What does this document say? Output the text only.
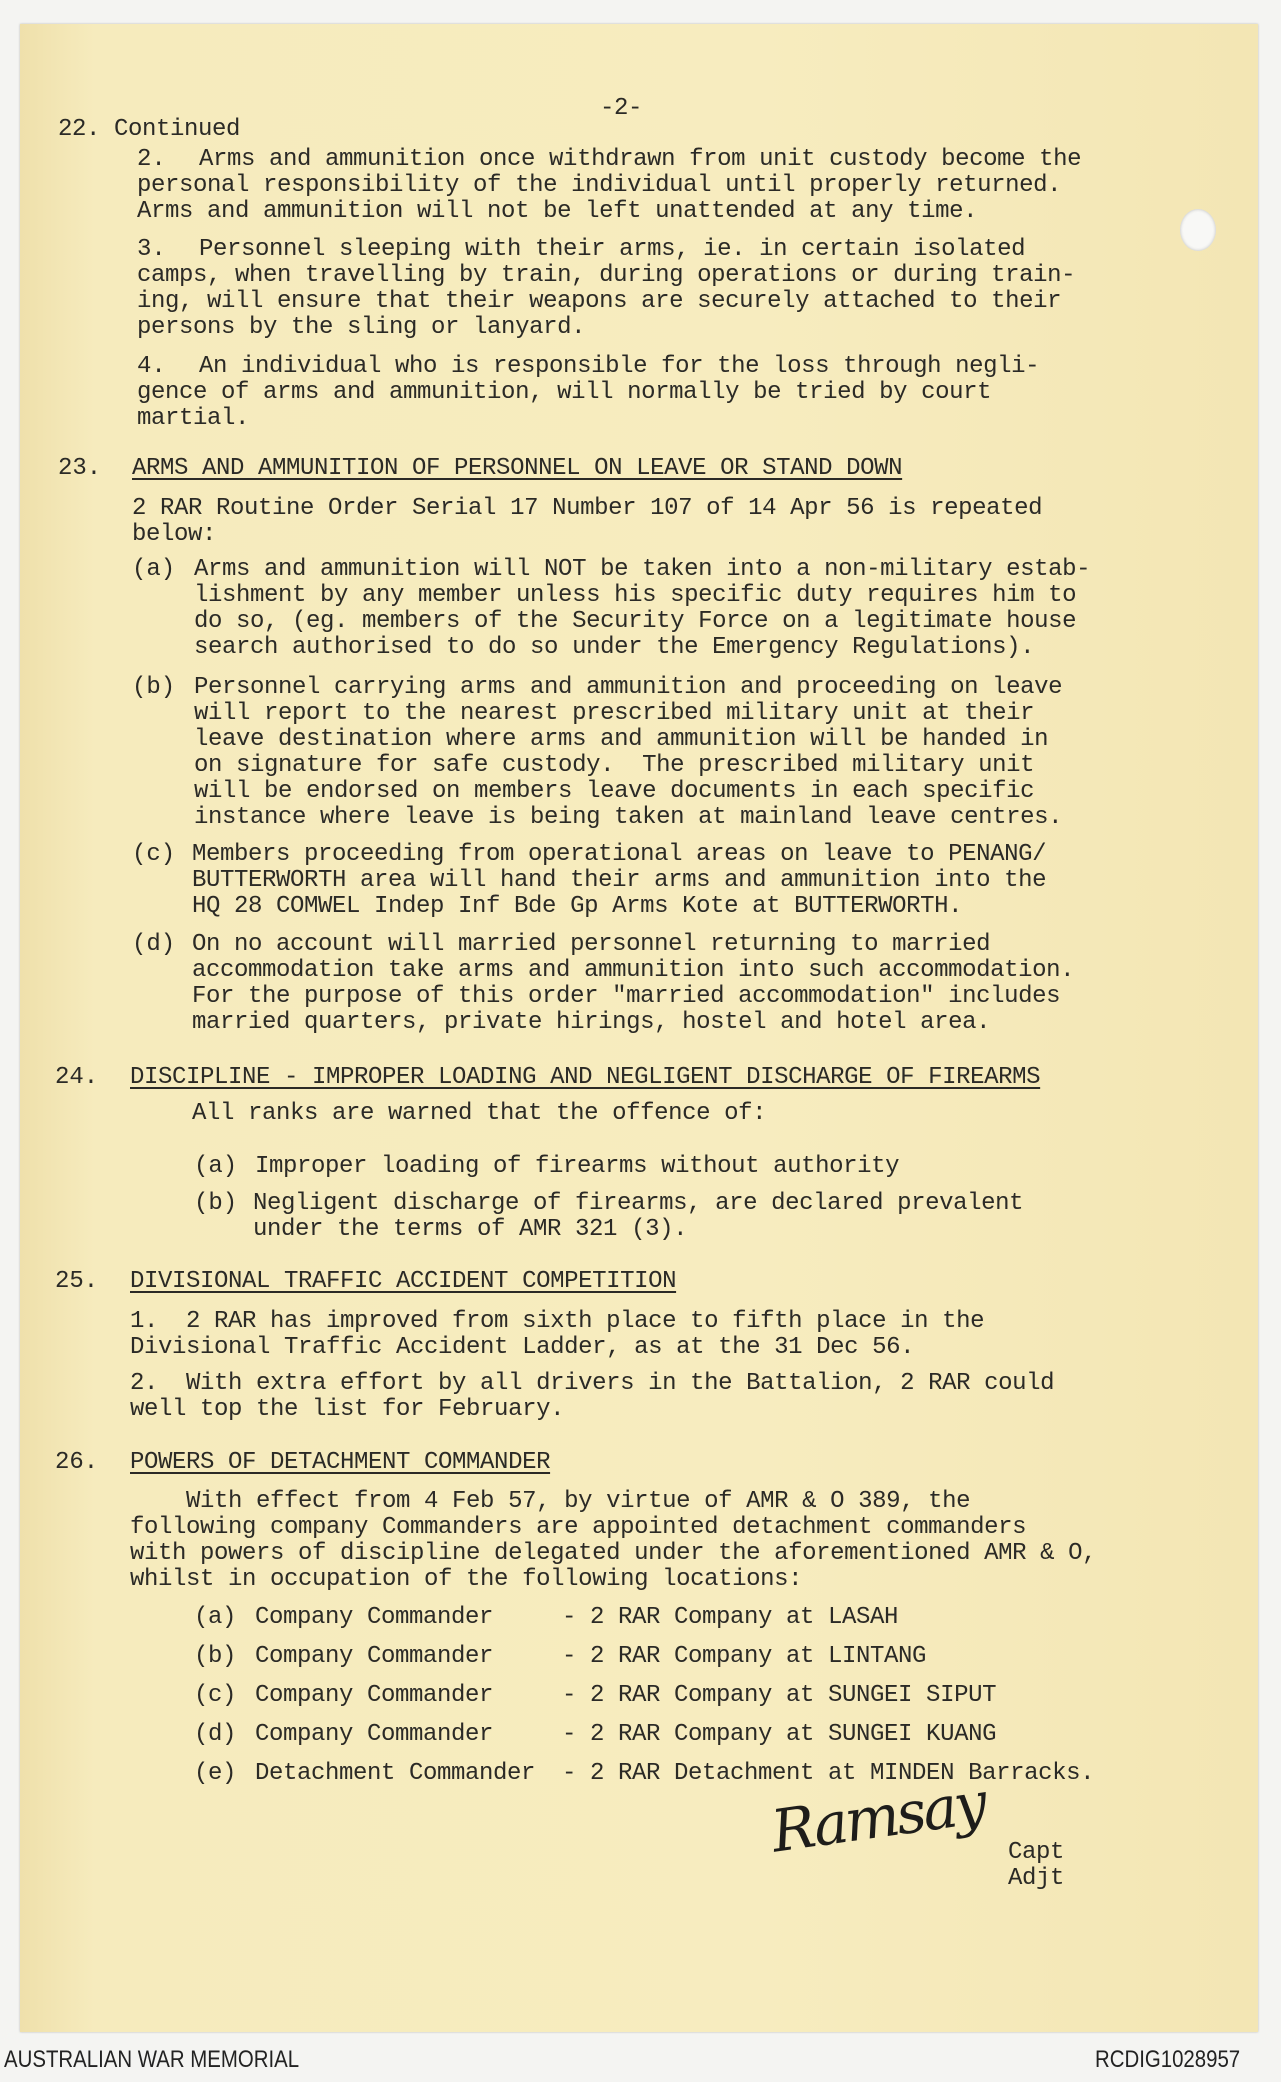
-2-
22. Continued
2. Arms and ammunition once withdrawn from unit custody become the
personal responsibility of the individual until properly returned.
Arms and ammunition will not be left unattended at any time.
3. Personnel sleeping with their arms, ie. in certain isolated
camps, when travelling by train, during operations or during train-
ing, will ensure that their weapons are securely attached to their
persons by the sling or lanyard.
4. An individual who is responsible for the loss through negli-
gence of arms and ammunition, will normally be tried by court
martial.
23. ARMS AND AMMUNITION OF PERSONNEL ON LEAVE OR STAND DOWN
2 RAR Routine Order Serial 17 Number 107 of 14 Apr 56 is repeated
below:
(a) Arms and ammunition will NOT be taken into a non-military estab-
lishment by any member unless his specific duty requires him to
do so, (eg. members of the Security Force on a legitimate house
search authorised to do so under the Emergency Regulations).
(b) Personnel carrying arms and ammunition and proceeding on leave
will report to the nearest prescribed military unit at their
leave destination where arms and ammunition will be handed in
on signature for safe custody.  The prescribed military unit
will be endorsed on members leave documents in each specific
instance where leave is being taken at mainland leave centres.
(c) Members proceeding from operational areas on leave to PENANG/
BUTTERWORTH area will hand their arms and ammunition into the
HQ 28 COMWEL Indep Inf Bde Gp Arms Kote at BUTTERWORTH.
(d) On no account will married personnel returning to married
accommodation take arms and ammunition into such accommodation.
For the purpose of this order "married accommodation" includes
married quarters, private hirings, hostel and hotel area.
24. DISCIPLINE - IMPROPER LOADING AND NEGLIGENT DISCHARGE OF FIREARMS
All ranks are warned that the offence of:
(a) Improper loading of firearms without authority
(b) Negligent discharge of firearms, are declared prevalent
under the terms of AMR 321 (3).
25. DIVISIONAL TRAFFIC ACCIDENT COMPETITION
1.  2 RAR has improved from sixth place to fifth place in the
Divisional Traffic Accident Ladder, as at the 31 Dec 56.
2.  With extra effort by all drivers in the Battalion, 2 RAR could
well top the list for February.
26. POWERS OF DETACHMENT COMMANDER
With effect from 4 Feb 57, by virtue of AMR & O 389, the
following company Commanders are appointed detachment commanders
with powers of discipline delegated under the aforementioned AMR & O,
whilst in occupation of the following locations:
(a) Company Commander	- 2 RAR Company at LASAH
(b) Company Commander	- 2 RAR Company at LINTANG
(c) Company Commander	- 2 RAR Company at SUNGEI SIPUT
(d) Company Commander	- 2 RAR Company at SUNGEI KUANG
(e) Detachment Commander - 2 RAR Detachment at MINDEN Barracks.
Ramsay Capt
Adjt
AUSTRALIAN WAR MEMORIAL	RCDIG1028957
